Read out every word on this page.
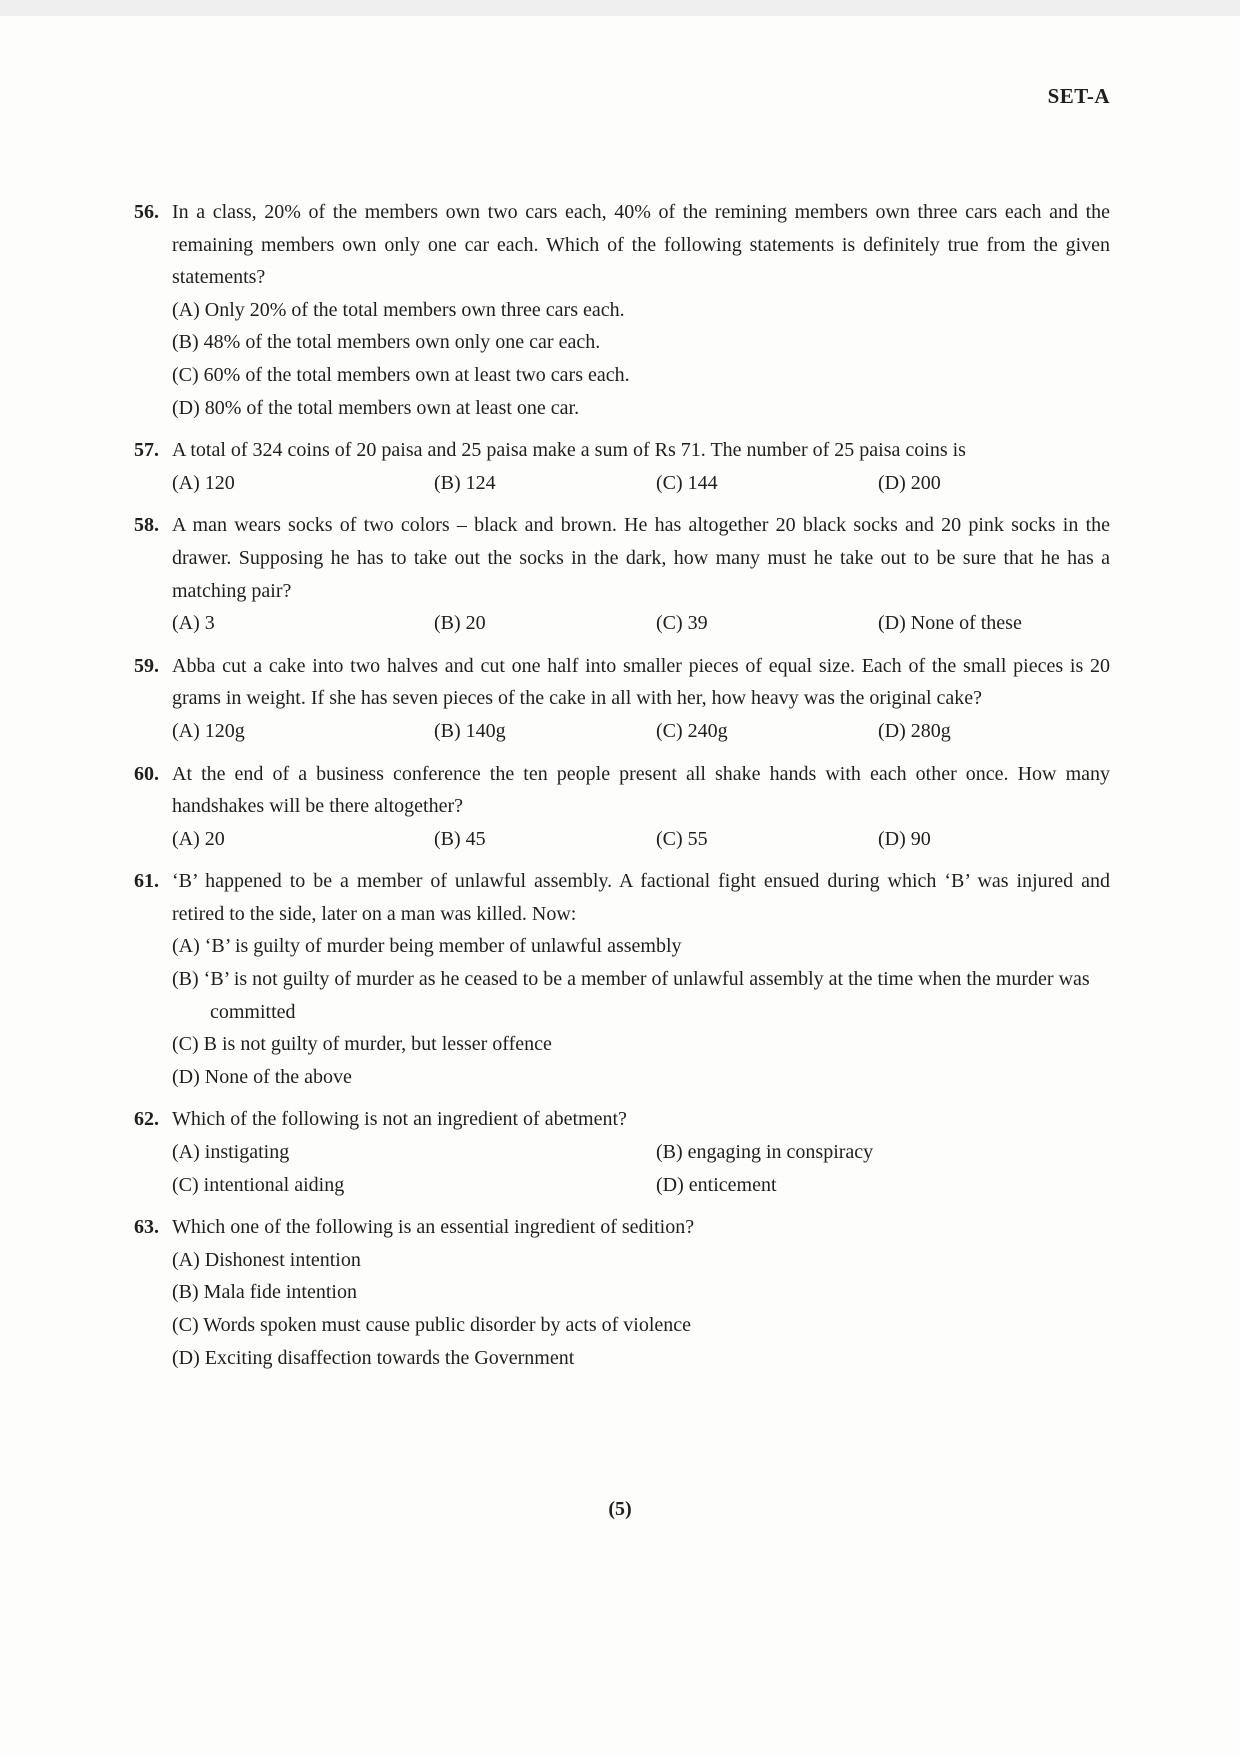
SET-A
56. In a class, 20% of the members own two cars each, 40% of the remining members own three cars each and the remaining members own only one car each. Which of the following statements is definitely true from the given statements?
(A) Only 20% of the total members own three cars each.
(B) 48% of the total members own only one car each.
(C) 60% of the total members own at least two cars each.
(D) 80% of the total members own at least one car.
57. A total of 324 coins of 20 paisa and 25 paisa make a sum of Rs 71. The number of 25 paisa coins is
(A) 120	(B) 124	(C) 144	(D) 200
58. A man wears socks of two colors – black and brown. He has altogether 20 black socks and 20 pink socks in the drawer. Supposing he has to take out the socks in the dark, how many must he take out to be sure that he has a matching pair?
(A) 3	(B) 20	(C) 39	(D) None of these
59. Abba cut a cake into two halves and cut one half into smaller pieces of equal size. Each of the small pieces is 20 grams in weight. If she has seven pieces of the cake in all with her, how heavy was the original cake?
(A) 120g	(B) 140g	(C) 240g	(D) 280g
60. At the end of a business conference the ten people present all shake hands with each other once. How many handshakes will be there altogether?
(A) 20	(B) 45	(C) 55	(D) 90
61. ‘B’ happened to be a member of unlawful assembly. A factional fight ensued during which ‘B’ was injured and retired to the side, later on a man was killed. Now:
(A) ‘B’ is guilty of murder being member of unlawful assembly
(B) ‘B’ is not guilty of murder as he ceased to be a member of unlawful assembly at the time when the murder was committed
(C) B is not guilty of murder, but lesser offence
(D) None of the above
62. Which of the following is not an ingredient of abetment?
(A) instigating	(B) engaging in conspiracy
(C) intentional aiding	(D) enticement
63. Which one of the following is an essential ingredient of sedition?
(A) Dishonest intention
(B) Mala fide intention
(C) Words spoken must cause public disorder by acts of violence
(D) Exciting disaffection towards the Government
(5)
